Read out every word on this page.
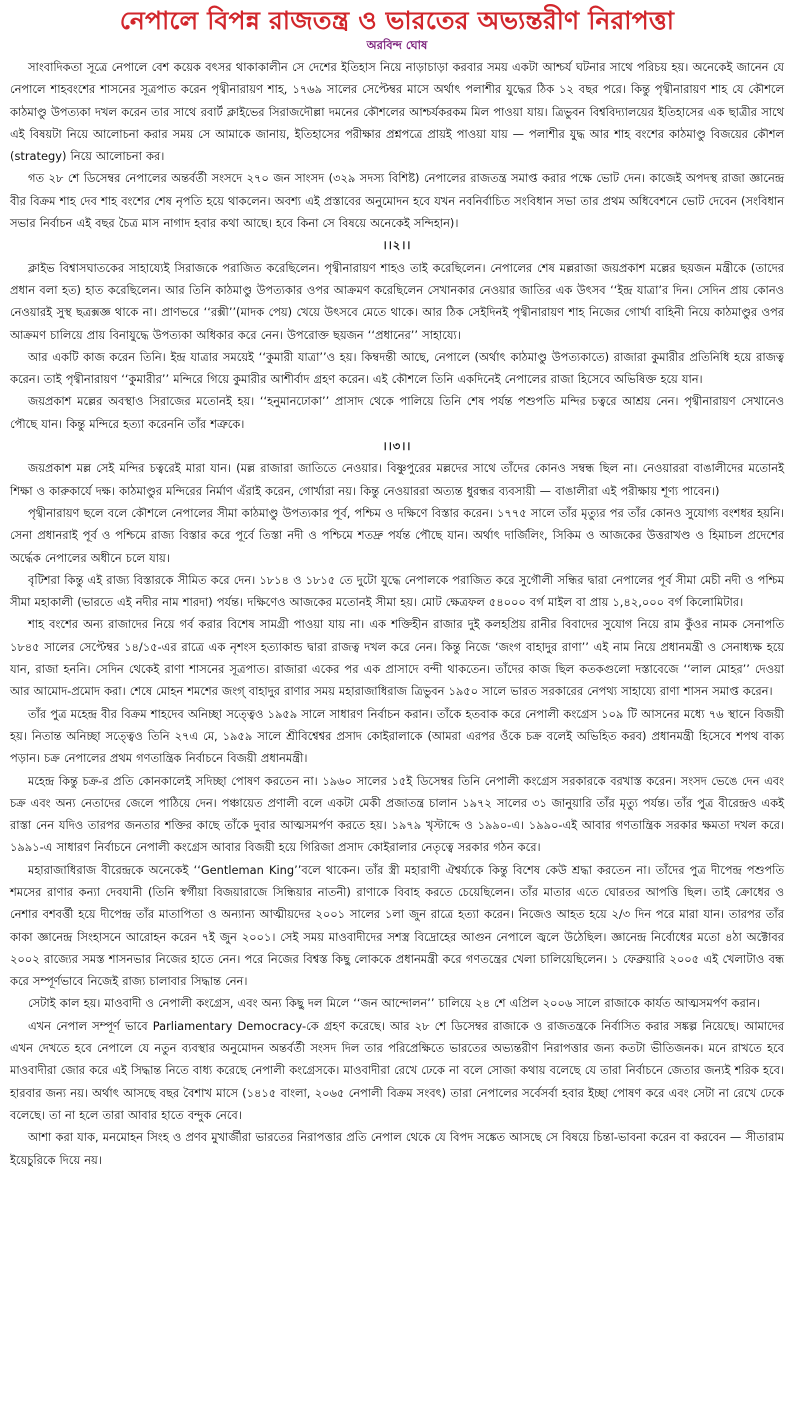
নেপালে বিপন্ন রাজতন্ত্র ও ভারতের অভ্যন্তরীণ নিরাপত্তা
অরবিন্দ ঘোষ

সাংবাদিকতা সূত্রে নেপালে বেশ কয়েক বৎসর থাকাকালীন সে দেশের ইতিহাস নিয়ে নাড়াচাড়া করবার সময় একটা আশ্চর্য ঘটনার সাথে পরিচয় হয়। অনেকেই জানেন যে নেপালে শাহবংশের শাসনের সূত্রপাত করেন পৃথ্বীনারায়ণ শাহ, ১৭৬৯ সালের সেপ্টেম্বর মাসে অর্থাৎ পলাশীর যুদ্ধের ঠিক ১২ বছর পরে। কিন্তু পৃথ্বীনারায়ণ শাহ যে কৌশলে কাঠমাণ্ডু উপত্যকা দখল করেন তার সাথে রবার্ট ক্লাইভের সিরাজদৌল্লা দমনের কৌশলের আশ্চর্যকরকম মিল পাওয়া যায়। ত্রিভুবন বিশ্ববিদ্যালয়ের ইতিহাসের এক ছাত্রীর সাথে এই বিষয়টা নিয়ে আলোচনা করার সময় সে আমাকে জানায়, ইতিহাসের পরীক্ষার প্রশ্নপত্রে প্রায়ই পাওয়া যায় — পলাশীর যুদ্ধ আর শাহ বংশের কাঠমাণ্ডু বিজয়ের কৌশল (strategy) নিয়ে আলোচনা কর।

গত ২৮ শে ডিসেম্বর নেপালের অন্তর্বর্তী সংসদে ২৭০ জন সাংসদ (৩২৯ সদস্য বিশিষ্ট) নেপালের রাজতন্ত্র সমাপ্ত করার পক্ষে ভোট দেন। কাজেই অপদস্থ রাজা জ্ঞানেন্দ্র বীর বিক্রম শাহ দেব শাহ বংশের শেষ নৃপতি হয়ে থাকলেন। অবশ্য এই প্রস্তাবের অনুমোদন হবে যখন নবনির্বাচিত সংবিধান সভা তার প্রথম অধিবেশনে ভোট দেবেন (সংবিধান সভার নির্বাচন এই বছর চৈত্র মাস নাগাদ হবার কথা আছে। হবে কিনা সে বিষয়ে অনেকেই সন্দিহান)।

।।২।।

ক্লাইভ বিশ্বাসঘাতকের সাহায্যেই সিরাজকে পরাজিত করেছিলেন। পৃথ্বীনারায়ণ শাহও তাই করেছিলেন। নেপালের শেষ মল্লরাজা জয়প্রকাশ মল্লের ছয়জন মন্ত্রীকে (তাদের প্রধান বলা হত) হাত করেছিলেন। আর তিনি কাঠমাণ্ডু উপত্যকার ওপর আক্রমণ করেছিলেন সেখানকার নেওয়ার জাতির এক উৎসব ‘‘ইন্দ্র যাত্রা’র দিন। সেদিন প্রায় কোনও নেওয়ারই সুস্থ ছত্রক্সজ্ঞ থাকে না। প্রাণভরে ‘‘রক্সী’’(মাদক পেয়) খেয়ে উৎসবে মেতে থাকে। আর ঠিক সেইদিনই পৃথ্বীনারায়ণ শাহ নিজের গোর্খা বাহিনী নিয়ে কাঠমাণ্ডুর ওপর আক্রমণ চালিয়ে প্রায় বিনাযুদ্ধে উপত্যকা অধিকার করে নেন। উপরোক্ত ছয়জন ‘‘প্রধানের’’ সাহায্যে।

আর একটি কাজ করেন তিনি। ইন্দ্র যাত্রার সময়েই ‘‘কুমারী যাত্রা’’ও হয়। কিম্বদন্তী আছে, নেপালে (অর্থাৎ কাঠমাণ্ডু উপত্যকাতে) রাজারা কুমারীর প্রতিনিধি হয়ে রাজত্ব করেন। তাই পৃথ্বীনারায়ণ ‘‘কুমারীর’’ মন্দিরে গিয়ে কুমারীর আশীর্বাদ গ্রহণ করেন। এই কৌশলে তিনি একদিনেই নেপালের রাজা হিসেবে অভিষিক্ত হয়ে যান।

জয়প্রকাশ মল্লের অবস্থাও সিরাজের মতোনই হয়। ‘‘হনুমানঢোকা’’ প্রাসাদ থেকে পালিয়ে তিনি শেষ পর্যন্ত পশুপতি মন্দির চত্বরে আশ্রয় নেন। পৃথ্বীনারায়ণ সেখানেও পৌছে যান। কিন্তু মন্দিরে হত্যা করেননি তাঁর শত্রুকে।

।।৩।।

জয়প্রকাশ মল্ল সেই মন্দির চত্বরেই মারা যান। (মল্ল রাজারা জাতিতে নেওয়ার। বিষ্ণুপুরের মল্লদের সাথে তাঁদের কোনও সম্বন্ধ ছিল না। নেওয়াররা বাঙালীদের মতোনই শিক্ষা ও কারুকার্যে দক্ষ। কাঠমাণ্ডুর মন্দিরের নির্মাণ এঁরাই করেন, গোর্খারা নয়। কিন্তু নেওয়াররা অত্যন্ত ধুরন্ধর ব্যবসায়ী — বাঙালীরা এই পরীক্ষায় শূণ্য পাবেন।)

পৃথ্বীনারায়ণ ছলে বলে কৌশলে নেপালের সীমা কাঠমাণ্ডু উপত্যকার পূর্ব, পশ্চিম ও দক্ষিণে বিস্তার করেন। ১৭৭৫ সালে তাঁর মৃত্যুর পর তাঁর কোনও সুযোগ্য বংশধর হয়নি। সেনা প্রধানরাই পূর্ব ও পশ্চিমে রাজ্য বিস্তার করে পূর্বে তিস্তা নদী ও পশ্চিমে শতদ্রু পর্যন্ত পৌছে যান। অর্থাৎ দার্জিলিং, সিকিম ও আজকের উত্তরাখণ্ড ও হিমাচল প্রদেশের অর্দ্ধেক নেপালের অধীনে চলে যায়।

বৃটিশরা কিন্তু এই রাজ্য বিস্তারকে সীমিত করে দেন। ১৮১৪ ও ১৮১৫ তে দুটো যুদ্ধে নেপালকে পরাজিত করে সুগৌলী সন্ধির দ্বারা নেপালের পূর্ব সীমা মেচী নদী ও পশ্চিম সীমা মহাকালী (ভারতে এই নদীর নাম শারদা) পর্যন্ত। দক্ষিণেও আজকের মতোনই সীমা হয়। মোট ক্ষেত্রফল ৫৪০০০ বর্গ মাইল বা প্রায় ১,৪২,০০০ বর্গ কিলোমিটার।

শাহ বংশের অন্য রাজাদের নিয়ে গর্ব করার বিশেষ সামগ্রী পাওয়া যায় না। এক শক্তিহীন রাজার দুই কলহপ্রিয় রানীর বিবাদের সুযোগ নিয়ে রাম কুঁওর নামক সেনাপতি ১৮৪৫ সালের সেপ্টেম্বর ১৪/১৫-এর রাত্রে এক নৃশংস হত্যাকান্ড দ্বারা রাজত্ব দখল করে নেন। কিন্তু নিজে ‘জংগ বাহাদুর রাণা’’ এই নাম নিয়ে প্রধানমন্ত্রী ও সেনাধ্যক্ষ হয়ে যান, রাজা হননি। সেদিন থেকেই রাণা শাসনের সূত্রপাত। রাজারা একের পর এক প্রাসাদে বন্দী থাকতেন। তাঁদের কাজ ছিল কতকগুলো দস্তাবেজে ‘‘লাল মোহর’’ দেওয়া আর আমোদ-প্রমোদ করা। শেষে মোহন শমশের জংগ্ বাহাদুর রাণার সময় মহারাজাধিরাজ ত্রিভুবন ১৯৫০ সালে ভারত সরকারের নেপথ্য সাহায্যে রাণা শাসন সমাপ্ত করেন।

তাঁর পুত্র মহেন্দ্র বীর বিক্রম শাহদেব অনিচ্ছা সত্ত্বেও ১৯৫৯ সালে সাধারণ নির্বাচন করান। তাঁকে হতবাক করে নেপালী কংগ্রেস ১০৯ টি আসনের মধ্যে ৭৬ স্থানে বিজয়ী হয়। নিতান্ত অনিচ্ছা সত্ত্বেও তিনি ২৭এ মে, ১৯৫৯ সালে শ্রীবিশ্বেশ্বর প্রসাদ কোইরালাকে (আমরা এরপর ওঁকে চক্র বলেই অভিহিত করব) প্রধানমন্ত্রী হিসেবে শপথ বাক্য পড়ান। চক্র নেপালের প্রথম গণতান্ত্রিক নির্বাচনে বিজয়ী প্রধানমন্ত্রী।

মহেন্দ্র কিন্তু চক্র-র প্রতি কোনকালেই সদিচ্ছা পোষণ করতেন না। ১৯৬০ সালের ১৫ই ডিসেম্বর তিনি নেপালী কংগ্রেস সরকারকে বরখাস্ত করেন। সংসদ ভেঙে দেন এবং চক্র এবং অন্য নেতাদের জেলে পাঠিয়ে দেন। পঞ্চায়েত প্রণালী বলে একটা মেকী প্রজাতন্ত্র চালান ১৯৭২ সালের ৩১ জানুয়ারি তাঁর মৃত্যু পর্যন্ত। তাঁর পুত্র বীরেন্দ্রও একই রাস্তা নেন যদিও তারপর জনতার শক্তির কাছে তাঁকে দুবার আত্মসমর্পণ করতে হয়। ১৯৭৯ খৃস্টাব্দে ও ১৯৯০-এ। ১৯৯০-এই আবার গণতান্ত্রিক সরকার ক্ষমতা দখল করে। ১৯৯১-এ সাধারণ নির্বাচনে নেপালী কংগ্রেস আবার বিজয়ী হয়ে গিরিজা প্রসাদ কোইরালার নেতৃত্বে সরকার গঠন করে।

মহারাজাধিরাজ বীরেন্দ্রকে অনেকেই ‘‘Gentleman King’’বলে থাকেন। তাঁর স্ত্রী মহারাণী ঐশ্বর্য্যকে কিন্তু বিশেষ কেউ শ্রদ্ধা করতেন না। তাঁদের পুত্র দীপেন্দ্র পশুপতি শমসের রাণার কন্যা দেবযানী (তিনি স্বর্গীয়া বিজয়ারাজে সিন্ধিয়ার নাতনী) রাণাকে বিবাহ করতে চেয়েছিলেন। তাঁর মাতার এতে ঘোরতর আপত্তি ছিল। তাই ক্রোধের ও নেশার বশবর্ত্তী হয়ে দীপেন্দ্র তাঁর মাতাপিতা ও অন্যান্য আত্মীয়দের ২০০১ সালের ১লা জুন রাত্রে হত্যা করেন। নিজেও আহত হয়ে ২/৩ দিন পরে মারা যান। তারপর তাঁর কাকা জ্ঞানেন্দ্র সিংহাসনে আরোহন করেন ৭ই জুন ২০০১। সেই সময় মাওবাদীদের সশস্ত্র বিদ্রোহের আগুন নেপালে জ্বলে উঠেছিল। জ্ঞানেন্দ্র নির্বোধের মতো ৪ঠা অক্টোবর ২০০২ রাজ্যের সমস্ত শাসনভার নিজের হাতে নেন। পরে নিজের বিশ্বস্ত কিছু লোককে প্রধানমন্ত্রী করে গণতন্ত্রের খেলা চালিয়েছিলেন। ১ ফেব্রুয়ারি ২০০৫ এই খেলাটাও বন্ধ করে সম্পূর্ণভাবে নিজেই রাজ্য চালাবার সিদ্ধান্ত নেন।

সেটাই কাল হয়। মাওবাদী ও নেপালী কংগ্রেস, এবং অন্য কিছু দল মিলে ‘‘জন আন্দোলন’’ চালিয়ে ২৪ শে এপ্রিল ২০০৬ সালে রাজাকে কার্যত আত্মসমর্পণ করান।

এখন নেপাল সম্পূর্ণ ভাবে Parliamentary Democracy-কে গ্রহণ করেছে। আর ২৮ শে ডিসেম্বর রাজাকে ও রাজতন্ত্রকে নির্বাসিত করার সঙ্কল্প নিয়েছে। আমাদের এখন দেখতে হবে নেপালে যে নতুন ব্যবস্থার অনুমোদন অন্তর্বর্তী সংসদ দিল তার পরিপ্রেক্ষিতে ভারতের অভ্যন্তরীণ নিরাপত্তার জন্য কতটা ভীতিজনক। মনে রাখতে হবে মাওবাদীরা জোর করে এই সিদ্ধান্ত নিতে বাধ্য করেছে নেপালী কংগ্রেসকে। মাওবাদীরা রেখে ঢেকে না বলে সোজা কথায় বলেছে যে তারা নির্বাচনে জেতার জন্যই শরিক হবে। হারবার জন্য নয়। অর্থাৎ আসছে বছর বৈশাখ মাসে (১৪১৫ বাংলা, ২০৬৫ নেপালী বিক্রম সংবৎ) তারা নেপালের সর্বেসর্বা হবার ইচ্ছা পোষণ করে এবং সেটা না রেখে ঢেকে বলেছে। তা না হলে তারা আবার হাতে বন্দুক নেবে।

আশা করা যাক, মনমোহন সিংহ ও প্রণব মুখার্জীরা ভারতের নিরাপত্তার প্রতি নেপাল থেকে যে বিপদ সঙ্কেত আসছে সে বিষয়ে চিন্তা-ভাবনা করেন বা করবেন — সীতারাম ইয়েচুরিকে দিয়ে নয়।
